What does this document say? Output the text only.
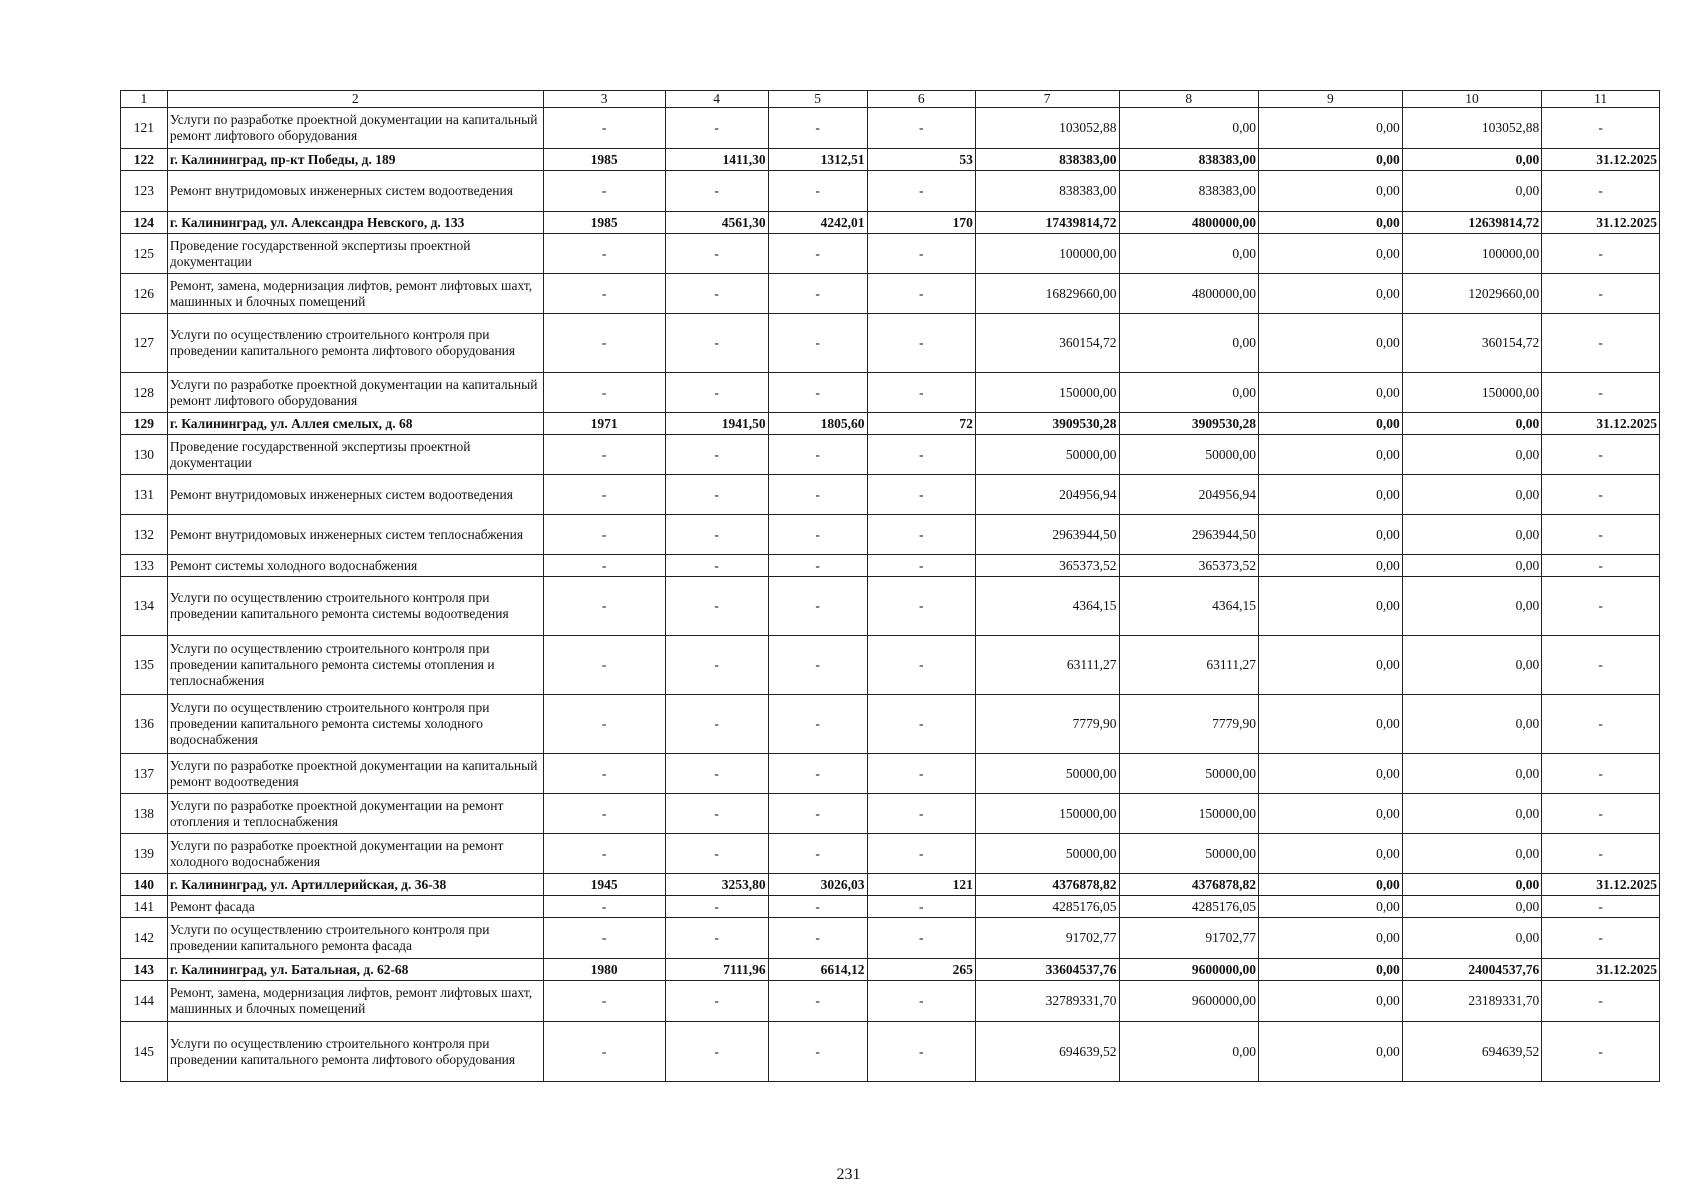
1	2	3	4	5	6	7	8	9	10	11
121	Услуги по разработке проектной документации на капитальный ремонт лифтового оборудования	-	-	-	-	103052,88	0,00	0,00	103052,88	-
122	г. Калининград, пр-кт Победы, д. 189	1985	1411,30	1312,51	53	838383,00	838383,00	0,00	0,00	31.12.2025
123	Ремонт внутридомовых инженерных систем водоотведения	-	-	-	-	838383,00	838383,00	0,00	0,00	-
124	г. Калининград, ул. Александра Невского, д. 133	1985	4561,30	4242,01	170	17439814,72	4800000,00	0,00	12639814,72	31.12.2025
125	Проведение государственной экспертизы проектной документации	-	-	-	-	100000,00	0,00	0,00	100000,00	-
126	Ремонт, замена, модернизация лифтов, ремонт лифтовых шахт, машинных и блочных помещений	-	-	-	-	16829660,00	4800000,00	0,00	12029660,00	-
127	Услуги по осуществлению строительного контроля при проведении капитального ремонта лифтового оборудования	-	-	-	-	360154,72	0,00	0,00	360154,72	-
128	Услуги по разработке проектной документации на капитальный ремонт лифтового оборудования	-	-	-	-	150000,00	0,00	0,00	150000,00	-
129	г. Калининград, ул. Аллея смелых, д. 68	1971	1941,50	1805,60	72	3909530,28	3909530,28	0,00	0,00	31.12.2025
130	Проведение государственной экспертизы проектной документации	-	-	-	-	50000,00	50000,00	0,00	0,00	-
131	Ремонт внутридомовых инженерных систем водоотведения	-	-	-	-	204956,94	204956,94	0,00	0,00	-
132	Ремонт внутридомовых инженерных систем теплоснабжения	-	-	-	-	2963944,50	2963944,50	0,00	0,00	-
133	Ремонт системы холодного водоснабжения	-	-	-	-	365373,52	365373,52	0,00	0,00	-
134	Услуги по осуществлению строительного контроля при проведении капитального ремонта системы водоотведения	-	-	-	-	4364,15	4364,15	0,00	0,00	-
135	Услуги по осуществлению строительного контроля при проведении капитального ремонта системы отопления и теплоснабжения	-	-	-	-	63111,27	63111,27	0,00	0,00	-
136	Услуги по осуществлению строительного контроля при проведении капитального ремонта системы холодного водоснабжения	-	-	-	-	7779,90	7779,90	0,00	0,00	-
137	Услуги по разработке проектной документации на капитальный ремонт водоотведения	-	-	-	-	50000,00	50000,00	0,00	0,00	-
138	Услуги по разработке проектной документации на ремонт отопления и теплоснабжения	-	-	-	-	150000,00	150000,00	0,00	0,00	-
139	Услуги по разработке проектной документации на ремонт холодного водоснабжения	-	-	-	-	50000,00	50000,00	0,00	0,00	-
140	г. Калининград, ул. Артиллерийская, д. 36-38	1945	3253,80	3026,03	121	4376878,82	4376878,82	0,00	0,00	31.12.2025
141	Ремонт фасада	-	-	-	-	4285176,05	4285176,05	0,00	0,00	-
142	Услуги по осуществлению строительного контроля при проведении капитального ремонта фасада	-	-	-	-	91702,77	91702,77	0,00	0,00	-
143	г. Калининград, ул. Батальная, д. 62-68	1980	7111,96	6614,12	265	33604537,76	9600000,00	0,00	24004537,76	31.12.2025
144	Ремонт, замена, модернизация лифтов, ремонт лифтовых шахт, машинных и блочных помещений	-	-	-	-	32789331,70	9600000,00	0,00	23189331,70	-
145	Услуги по осуществлению строительного контроля при проведении капитального ремонта лифтового оборудования	-	-	-	-	694639,52	0,00	0,00	694639,52	-
231
